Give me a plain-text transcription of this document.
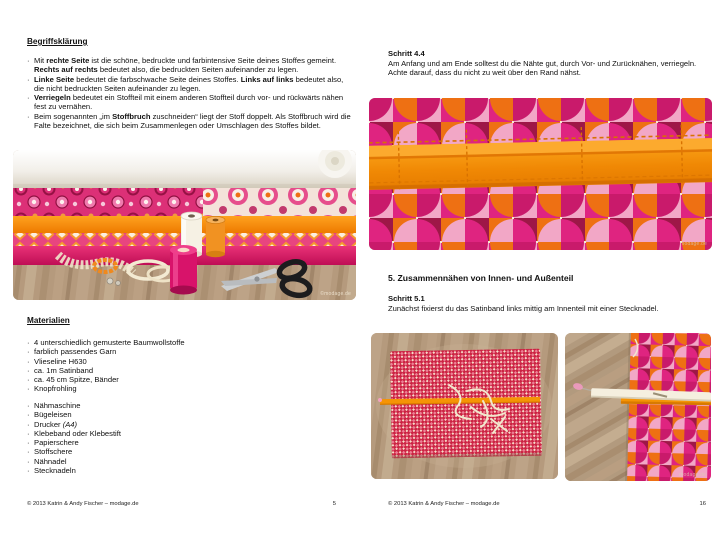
Begriffsklärung
· Mit rechte Seite ist die schöne, bedruckte und farbintensive Seite deines Stoffes gemeint. Rechts auf rechts bedeutet also, die bedruckten Seiten aufeinander zu legen.
· Linke Seite bedeutet die farbschwache Seite deines Stoffes. Links auf links bedeutet also, die nicht bedruckten Seiten aufeinander zu legen.
· Verriegeln bedeutet ein Stoffteil mit einem anderen Stoffteil durch vor- und rückwärts nähen fest zu vernähen.
· Beim sogenannten „im Stoffbruch zuschneiden“ liegt der Stoff doppelt. Als Stoffbruch wird die Falte bezeichnet, die sich beim Zusammenlegen oder Umschlagen des Stoffes bildet.
©modage.de
Materialien
· 4 unterschiedlich gemusterte Baumwollstoffe
· farblich passendes Garn
· Vlieseline H630
· ca. 1m Satinband
· ca. 45 cm Spitze, Bänder
· Knopfrohling
· Nähmaschine
· Bügeleisen
· Drucker (A4)
· Klebeband oder Klebestift
· Papierschere
· Stoffschere
· Nähnadel
· Stecknadeln
© 2013 Katrin & Andy Fischer – modage.de	5
Schritt 4.4

Am Anfang und am Ende solltest du die Nähte gut, durch Vor- und Zurücknähen, verriegeln. Achte darauf, dass du nicht zu weit über den Rand nähst.

modage.de
5. Zusammennähen von Innen- und Außenteil
Schritt 5.1

Zunächst fixierst du das Satinband links mittig am Innenteil mit einer Stecknadel.

modage.de
© 2013 Katrin & Andy Fischer – modage.de	16
